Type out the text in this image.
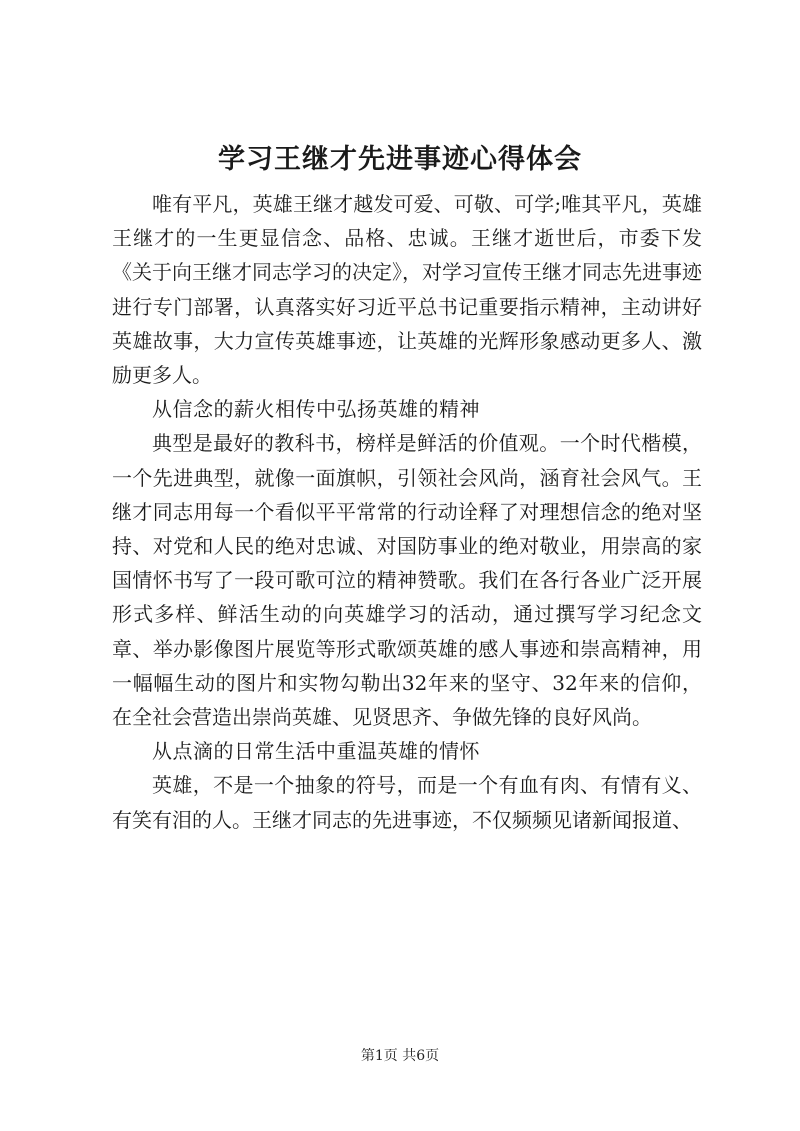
学习王继才先进事迹心得体会

唯有平凡，英雄王继才越发可爱、可敬、可学;唯其平凡，英雄王继才的一生更显信念、品格、忠诚。王继才逝世后，市委下发《关于向王继才同志学习的决定》，对学习宣传王继才同志先进事迹进行专门部署，认真落实好习近平总书记重要指示精神，主动讲好英雄故事，大力宣传英雄事迹，让英雄的光辉形象感动更多人、激励更多人。

从信念的薪火相传中弘扬英雄的精神

典型是最好的教科书，榜样是鲜活的价值观。一个时代楷模，一个先进典型，就像一面旗帜，引领社会风尚，涵育社会风气。王继才同志用每一个看似平平常常的行动诠释了对理想信念的绝对坚持、对党和人民的绝对忠诚、对国防事业的绝对敬业，用崇高的家国情怀书写了一段可歌可泣的精神赞歌。我们在各行各业广泛开展形式多样、鲜活生动的向英雄学习的活动，通过撰写学习纪念文章、举办影像图片展览等形式歌颂英雄的感人事迹和崇高精神，用一幅幅生动的图片和实物勾勒出32年来的坚守、32年来的信仰，在全社会营造出崇尚英雄、见贤思齐、争做先锋的良好风尚。

从点滴的日常生活中重温英雄的情怀

英雄，不是一个抽象的符号，而是一个有血有肉、有情有义、有笑有泪的人。王继才同志的先进事迹，不仅频频见诸新闻报道、

第1页 共6页
